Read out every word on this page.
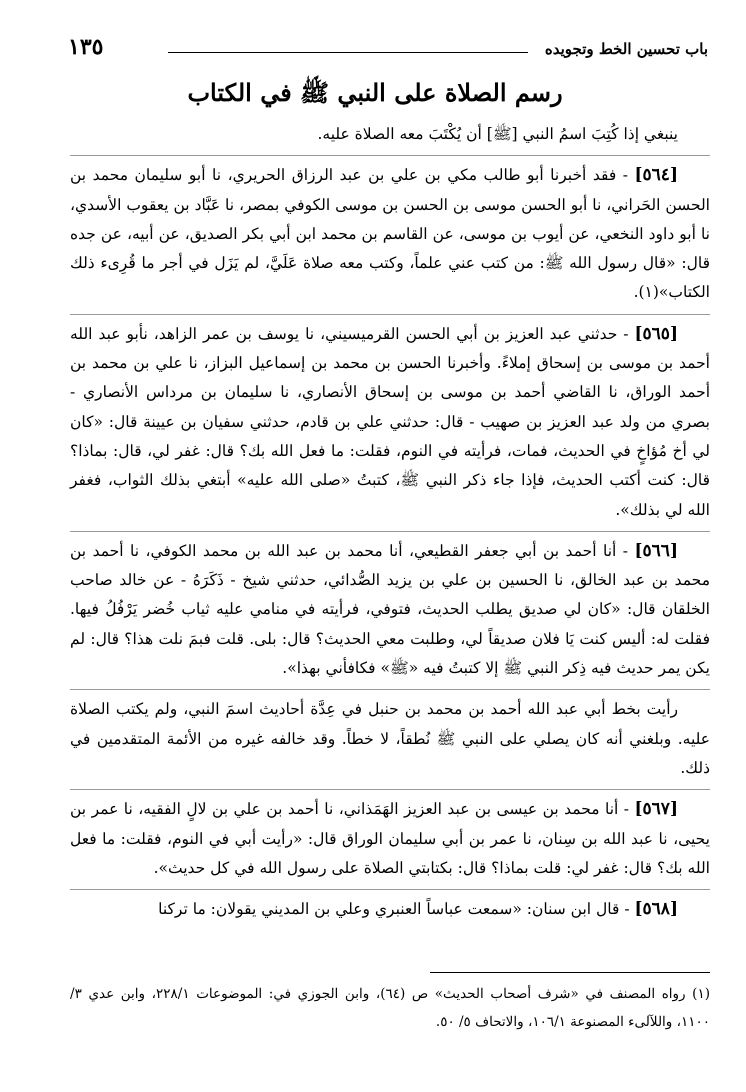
باب تحسين الخط وتجويده
١٣٥
رسم الصلاة على النبي ﷺ في الكتاب

ينبغي إذا كُتِبَ اسمُ النبي [ﷺ] أن يُكْتَبَ معه الصلاة عليه.

[٥٦٤] - فقد أخبرنا أبو طالب مكي بن علي بن عبد الرزاق الحريري، نا أبو سليمان محمد بن الحسن الحَراني، نا أبو الحسن موسى بن الحسن بن موسى الكوفي بمصر، نا عَبَّاد بن يعقوب الأسدي، نا أبو داود النخعي، عن أيوب بن موسى، عن القاسم بن محمد ابن أبي بكر الصديق، عن أبيه، عن جده قال: «قال رسول الله ﷺ: من كتب عني علماً، وكتب معه صلاة عَلَيَّ، لم يَزَل في أجر ما قُرِىء ذلك الكتاب»(١).

[٥٦٥] - حدثني عبد العزيز بن أبي الحسن القرميسيني، نا يوسف بن عمر الزاهد، نأبو عبد الله أحمد بن موسى بن إسحاق إملاءً. وأخبرنا الحسن بن محمد بن إسماعيل البزاز، نا علي بن محمد بن أحمد الوراق، نا القاضي أحمد بن موسى بن إسحاق الأنصاري، نا سليمان بن مرداس الأنصاري - بصري من ولد عبد العزيز بن صهيب - قال: حدثني علي بن قادم، حدثني سفيان بن عيينة قال: «كان لي أخ مُؤاخٍ في الحديث، فمات، فرأيته في النوم، فقلت: ما فعل الله بك؟ قال: غفر لي، قال: بماذا؟ قال: كنت أكتب الحديث، فإذا جاء ذكر النبي ﷺ، كتبتُ «صلى الله عليه» أبتغي بذلك الثواب، فغفر الله لي بذلك».

[٥٦٦] - أنا أحمد بن أبي جعفر القطيعي، أنا محمد بن عبد الله بن محمد الكوفي، نا أحمد بن محمد بن عبد الخالق، نا الحسين بن علي بن يزيد الصُّدائي، حدثني شيخ - ذَكَرَهُ - عن خالد صاحب الخلقان قال: «كان لي صديق يطلب الحديث، فتوفي، فرأيته في منامي عليه ثياب خُضر يَرْفُلُ فيها. فقلت له: أليس كنت يَا فلان صديقاً لي، وطلبت معي الحديث؟ قال: بلى. قلت فبمَ نلت هذا؟ قال: لم يكن يمر حديث فيه ذِكر النبي ﷺ إلا كتبتُ فيه «ﷺ» فكافأني بهذا».

رأيت بخط أبي عبد الله أحمد بن محمد بن حنبل في عِدَّة أحاديث اسمَ النبي، ولم يكتب الصلاة عليه. وبلغني أنه كان يصلي على النبي ﷺ نُطقاً، لا خطاً. وقد خالفه غيره من الأئمة المتقدمين في ذلك.

[٥٦٧] - أنا محمد بن عيسى بن عبد العزيز الهَمَذاني، نا أحمد بن علي بن لالٍ الفقيه، نا عمر بن يحيى، نا عبد الله بن سِنان، نا عمر بن أبي سليمان الوراق قال: «رأيت أبي في النوم، فقلت: ما فعل الله بك؟ قال: غفر لي: قلت بماذا؟ قال: بكتابتي الصلاة على رسول الله في كل حديث».

[٥٦٨] - قال ابن سنان: «سمعت عباساً العنبري وعلي بن المديني يقولان: ما تركنا

(١) رواه المصنف في «شرف أصحاب الحديث» ص (٦٤)، وابن الجوزي في: الموضوعات ٢٢٨/١، وابن عدي ٣/ ١١٠٠، واللآلىء المصنوعة ١٠٦/١، والاتحاف ٥/ ٥٠.
